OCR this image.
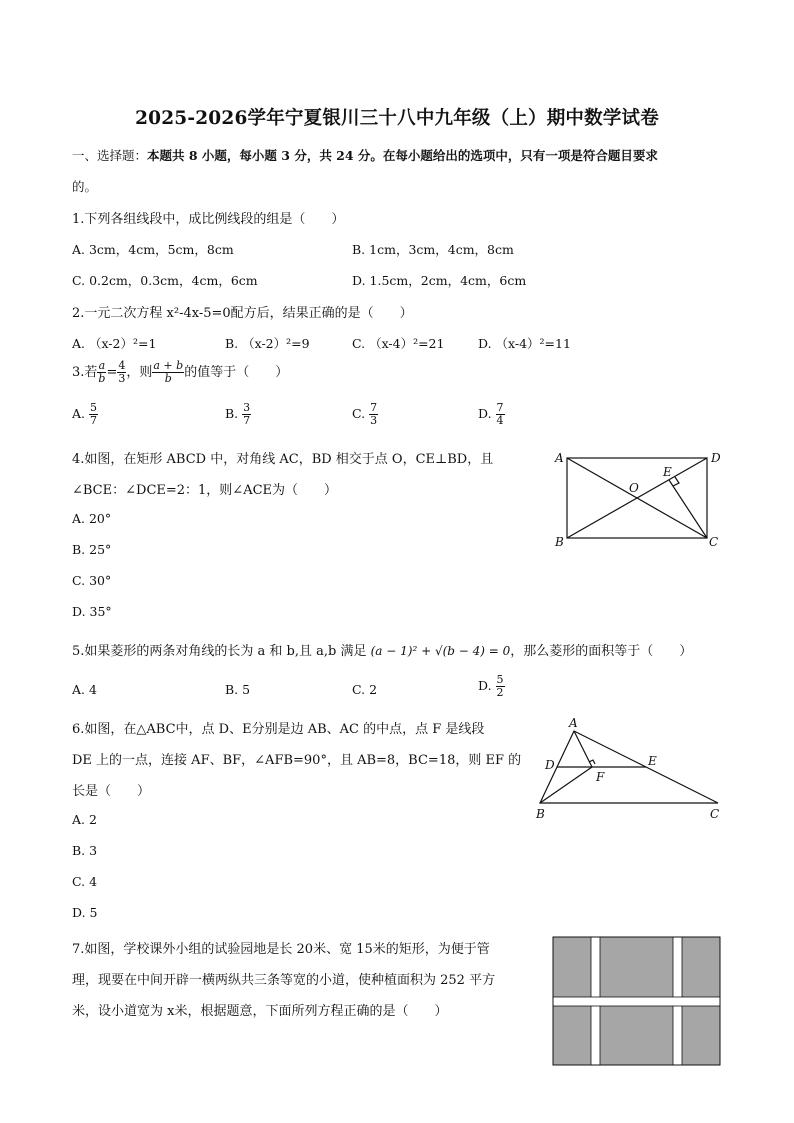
2025-2026学年宁夏银川三十八中九年级（上）期中数学试卷
一、选择题：本题共 8 小题，每小题 3 分，共 24 分。在每小题给出的选项中，只有一项是符合题目要求
的。
1.下列各组线段中，成比例线段的组是（　　）
A. 3cm，4cm，5cm，8cm	B. 1cm，3cm，4cm，8cm
C. 0.2cm，0.3cm，4cm，6cm	D. 1.5cm，2cm，4cm，6cm
2.一元二次方程 x²-4x-5=0配方后，结果正确的是（　　）
A. （x-2）²=1	B. （x-2）²=9	C. （x-4）²=21	D. （x-4）²=11
3.若 $\frac{a}{b} = \frac{4}{3}$ ，则 $\frac{a + b}{b}$ 的值等于（　　）
A. $\frac{5}{7}$	B. $\frac{3}{7}$	C. $\frac{7}{3}$	D. $\frac{7}{4}$
4.如图，在矩形 ABCD 中，对角线 AC，BD 相交于点 O，CE⊥BD，且
∠BCE：∠DCE=2：1，则∠ACE为（　　）
A. 20°
B. 25°
C. 30°
D. 35°
A	D
B	C
O
E
5.如果菱形的两条对角线的长为 a 和 b,且 a,b 满足 (a − 1)² + √(b − 4) = 0，那么菱形的面积等于（　　）
A. 4	B. 5	C. 2	D. $\frac{5}{2}$
6.如图，在△ABC中，点 D、E分别是边 AB、AC 的中点，点 F 是线段
DE 上的一点，连接 AF、BF，∠AFB=90°，且 AB=8，BC=18，则 EF 的
长是（　　）
A. 2
B. 3
C. 4
D. 5
A
D	E
F
B	C
7.如图，学校课外小组的试验园地是长 20米、宽 15米的矩形，为便于管
理，现要在中间开辟一横两纵共三条等宽的小道，使种植面积为 252 平方
米，设小道宽为 x米，根据题意，下面所列方程正确的是（　　）
